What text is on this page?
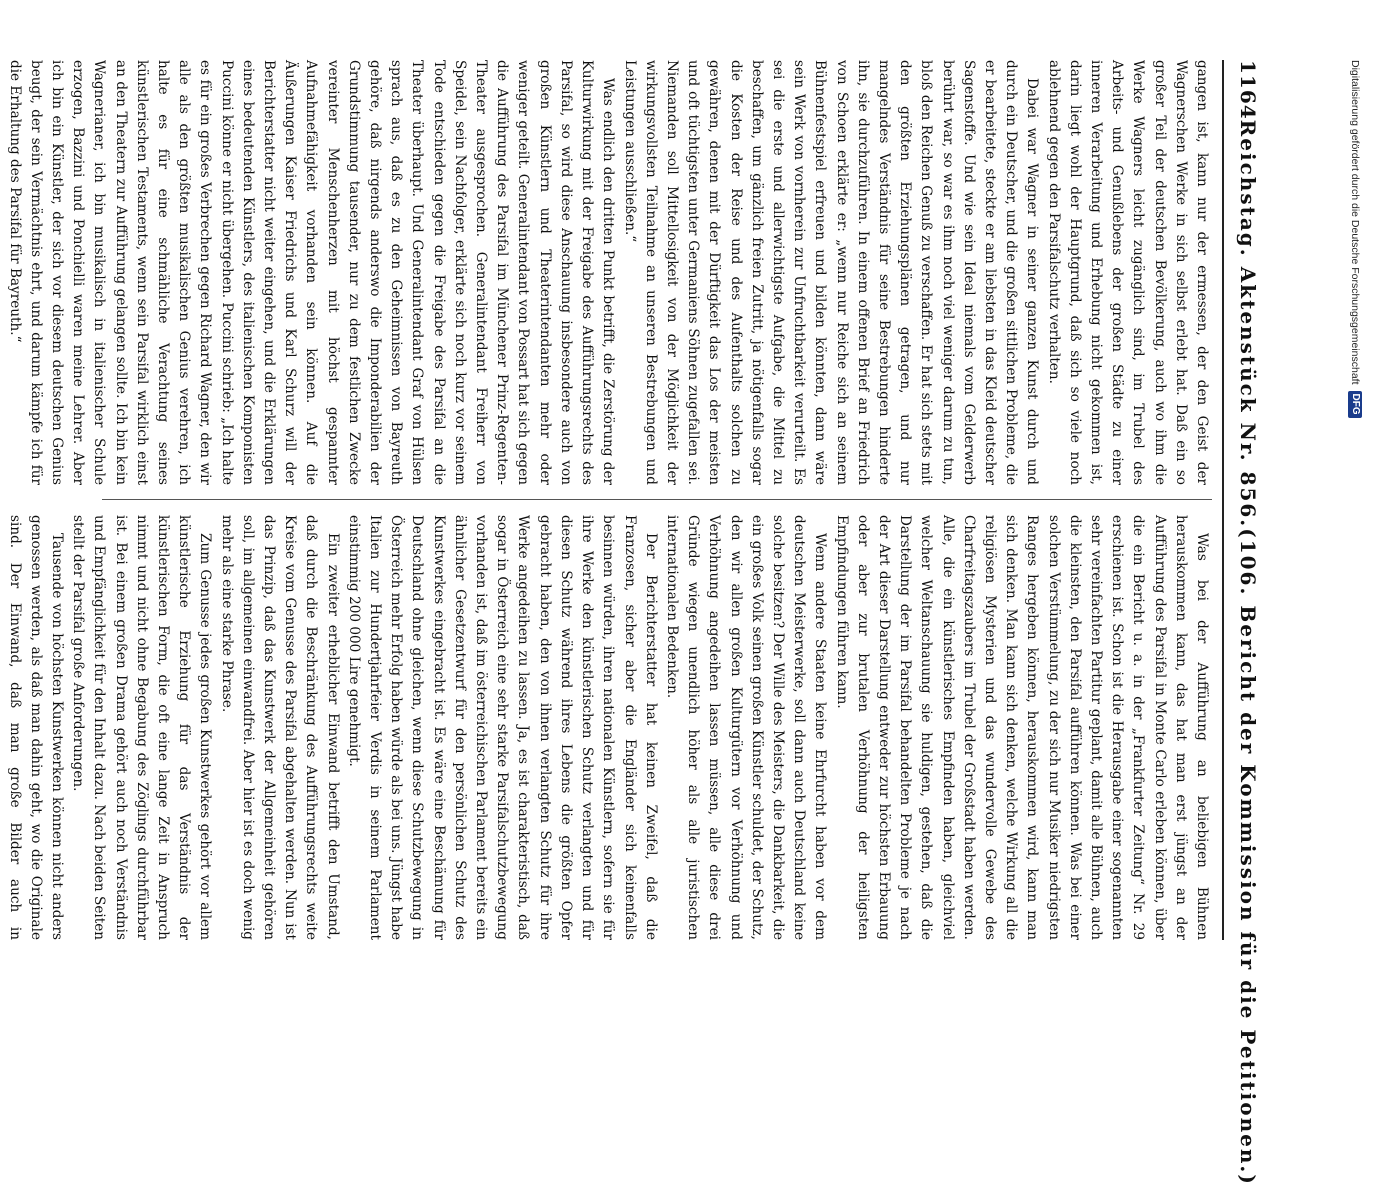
1164
Reichstag. Aktenstück Nr. 856.
(106. Bericht der Kommission für die Petitionen.)

gangen ist, kann nur der ermessen, der den Geist der Wagnerschen Werke in sich selbst erlebt hat. Daß ein so großer Teil der deutschen Bevölkerung, auch wo ihm die Werke Wagners leicht zugänglich sind, im Trubel des Arbeits- und Genußlebens der großen Städte zu einer inneren Verarbeitung und Erhebung nicht gekommen ist, darin liegt wohl der Hauptgrund, daß sich so viele noch ablehnend gegen den Parsifalschutz verhalten.

Dabei war Wagner in seiner ganzen Kunst durch und durch ein Deutscher, und die großen sittlichen Probleme, die er bearbeitete, steckte er am liebsten in das Kleid deutscher Sagenstoffe. Und wie sein Ideal niemals vom Gelderwerb berührt war, so war es ihm noch viel weniger darum zu tun, bloß den Reichen Genuß zu verschaffen. Er hat sich stets mit den größten Erziehungsplänen getragen, und nur mangelndes Verständnis für seine Bestrebungen hinderte ihn, sie durchzuführen. In einem offenen Brief an Friedrich von Schoen erklärte er: „wenn nur Reiche sich an seinem Bühnenfestspiel erfreuen und bilden könnten, dann wäre sein Werk von vornherein zur Unfruchtbarkeit verurteilt. Es sei die erste und allerwichtigste Aufgabe, die Mittel zu beschaffen, um gänzlich freien Zutritt, ja nötigenfalls sogar die Kosten der Reise und des Aufenthalts solchen zu gewähren, denen mit der Dürftigkeit das Los der meisten und oft tüchtigsten unter Germaniens Söhnen zugefallen sei. Niemanden soll Mittellosigkeit von der Möglichkeit der wirkungsvollsten Teilnahme an unseren Bestrebungen und Leistungen ausschließen.“

Was endlich den dritten Punkt betrifft, die Zerstörung der Kulturwirkung mit der Freigabe des Aufführungsrechts des Parsifal, so wird diese Anschauung insbesondere auch von großen Künstlern und Theaterintendanten mehr oder weniger geteilt. Generalintendant von Possart hat sich gegen die Aufführung des Parsifal im Münchener Prinz-Regenten-Theater ausgesprochen. Generalintendant Freiherr von Speidel, sein Nachfolger, erklärte sich noch kurz vor seinem Tode entschieden gegen die Freigabe des Parsifal an die Theater überhaupt. Und Generalintendant Graf von Hülsen sprach aus, daß es zu den Geheimnissen von Bayreuth gehöre, daß nirgends anderswo die Imponderabilien der Grundstimmung tausender, nur zu dem festlichen Zwecke vereinter Menschenherzen mit höchst gespannter Aufnahmefähigkeit vorhanden sein können. Auf die Äußerungen Kaiser Friedrichs und Karl Schurz will der Berichterstatter nicht weiter eingehen, und die Erklärungen eines bedeutenden Künstlers, des italienischen Komponisten Puccini könne er nicht übergehen. Puccini schrieb: „Ich halte es für ein großes Verbrechen gegen Richard Wagner, den wir alle als den größten musikalischen Genius verehren, ich halte es für eine schmähliche Verachtung seines künstlerischen Testaments, wenn sein Parsifal wirklich einst an den Theatern zur Aufführung gelangen sollte. Ich bin kein Wagnerianer, ich bin musikalisch in italienischer Schule erzogen, Bazzini und Ponchielli waren meine Lehrer. Aber ich bin ein Künstler, der sich vor diesem deutschen Genius beugt, der sein Vermächtnis ehrt, und darum kämpfe ich für die Erhaltung des Parsifal für Bayreuth.“

Was bei der Aufführung an beliebigen Bühnen herauskommen kann, das hat man erst jüngst an der Aufführung des Parsifal in Monte Carlo erleben können, über die ein Bericht u. a. in der „Frankfurter Zeitung“ Nr. 29 erschienen ist. Schon ist die Herausgabe einer sogenannten sehr vereinfachten Partitur geplant, damit alle Bühnen, auch die kleinsten, den Parsifal aufführen können. Was bei einer solchen Verstümmelung, zu der sich nur Musiker niedrigsten Ranges hergeben können, herauskommen wird, kann man sich denken. Man kann sich denken, welche Wirkung all die religiösen Mysterien und das wundervolle Gewebe des Charfreitagszaubers im Trubel der Großstadt haben werden. Alle, die ein künstlerisches Empfinden haben, gleichviel welcher Weltanschauung sie huldigen, gestehen, daß die Darstellung der im Parsifal behandelten Probleme je nach der Art dieser Darstellung entweder zur höchsten Erbauung oder aber zur brutalen Verhöhnung der heiligsten Empfindungen führen kann.

Wenn andere Staaten keine Ehrfurcht haben vor dem deutschen Meisterwerke, soll dann auch Deutschland keine solche besitzen? Der Wille des Meisters, die Dankbarkeit, die ein großes Volk seinen großen Künstler schuldet, der Schutz, den wir allen großen Kulturgütern vor Verhöhnung und Verhöhnung angedeihen lassen müssen, alle diese drei Gründe wiegen unendlich höher als alle juristischen internationalen Bedenken.

Der Berichterstatter hat keinen Zweifel, daß die Franzosen, sicher aber die Engländer sich keinenfalls besinnen würden, ihren nationalen Künstlern, sofern sie für ihre Werke den künstlerischen Schutz verlangten und für diesen Schutz während ihres Lebens die größten Opfer gebracht haben, den von ihnen verlangten Schutz für ihre Werke angedeihen zu lassen. Ja, es ist charakteristisch, daß sogar in Österreich eine sehr starke Parsifalschutzbewegung vorhanden ist, daß im österreichischen Parlament bereits ein ähnlicher Gesetzentwurf für den persönlichen Schutz des Kunstwerkes eingebracht ist. Es wäre eine Beschämung für Deutschland ohne gleichen, wenn diese Schutzbewegung in Österreich mehr Erfolg haben würde als bei uns. Jüngst habe Italien zur Hundertjahrfeier Verdis in seinem Parlament einstimmig 200 000 Lire genehmigt.

Ein zweiter erheblicher Einwand betrifft den Umstand, daß durch die Beschränkung des Aufführungsrechts weite Kreise vom Genusse des Parsifal abgehalten werden. Nun ist das Prinzip, daß das Kunstwerk der Allgemeinheit gehören soll, im allgemeinen einwandfrei. Aber hier ist es doch wenig mehr als eine starke Phrase.

Zum Genusse jedes großen Kunstwerkes gehört vor allem künstlerische Erziehung für das Verständnis der künstlerischen Form, die oft eine lange Zeit in Anspruch nimmt und nicht ohne Begabung des Zöglings durchführbar ist. Bei einem großen Drama gehört auch noch Verständnis und Empfänglichkeit für den Inhalt dazu. Nach beiden Seiten stellt der Parsifal große Anforderungen.

Tausende von höchsten Kunstwerken können nicht anders genossen werden, als daß man dahin geht, wo die Originale sind. Der Einwand, daß man große Bilder auch in

Digitalisierung gefördert durch die Deutsche Forschungsgemeinschaft
DFG
